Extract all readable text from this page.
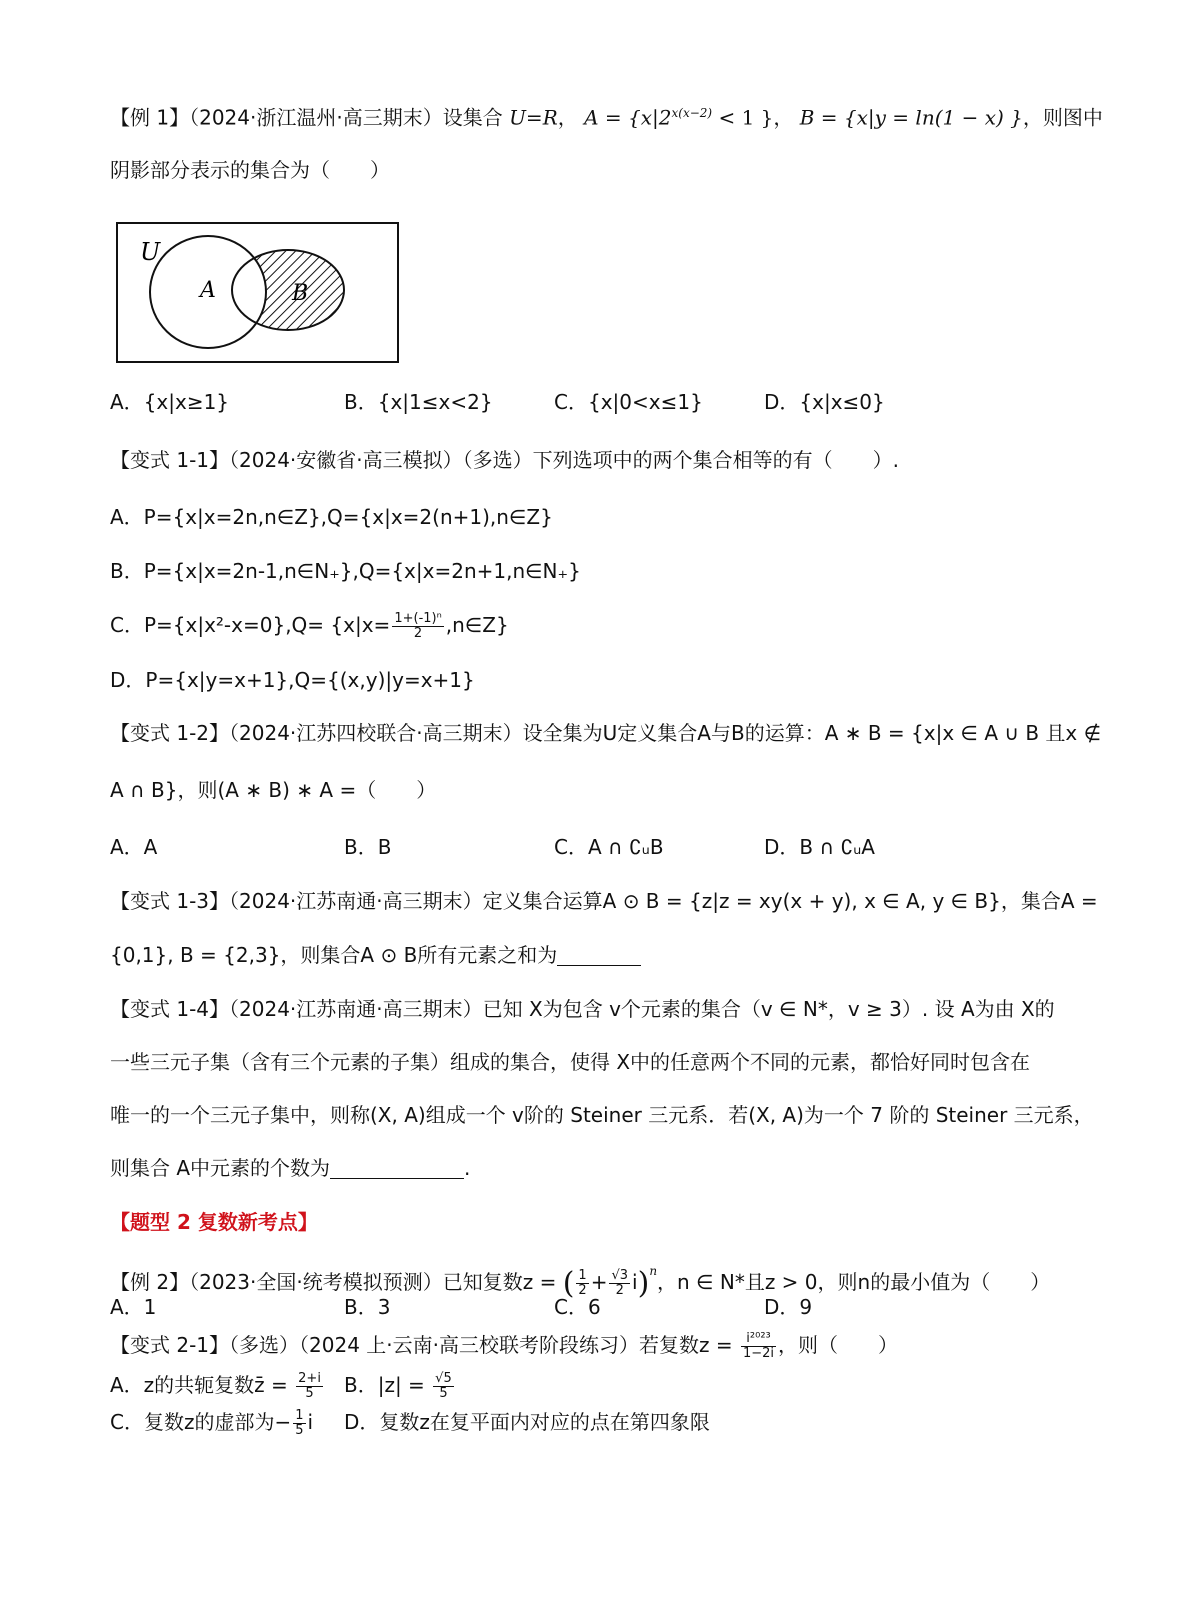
【例 1】（2024·浙江温州·高三期末）设集合 U=R， $A = \{x|2^{x(x-2)} < 1$ }， B = {x|y = ln(1 − x) }，则图中
阴影部分表示的集合为（　　）
U
A	B
A．{x|x≥1}	B．{x|1≤x<2}	C．{x|0<x≤1}	D．{x|x≤0}
【变式 1-1】（2024·安徽省·高三模拟）（多选）下列选项中的两个集合相等的有（　　）.
A．P={x|x=2n,n∈Z},Q={x|x=2(n+1),n∈Z}
B．P={x|x=2n-1,n∈N₊},Q={x|x=2n+1,n∈N₊}
C．$P=\{x|x^2-x=0\},Q= \{x|x= \frac{\text{1+(-1)ⁿ}}{2}$ ,n∈Z}
D．P={x|y=x+1},Q={(x,y)|y=x+1}
【变式 1-2】（2024·江苏四校联合·高三期末）设全集为U定义集合A与B的运算：A ∗ B = {x|x ∈ A ∪ B 且x ∉
A ∩ B}，则(A ∗ B) ∗ A =（　　）
A．A	B．B	C．A ∩ ∁ᵤB	D．B ∩ ∁ᵤA
【变式 1-3】（2024·江苏南通·高三期末）定义集合运算A ⊙ B = {z|z = xy(x + y), x ∈ A, y ∈ B}，集合A =
{0,1}, B = {2,3}，则集合A ⊙ B所有元素之和为
【变式 1-4】（2024·江苏南通·高三期末）已知 X为包含 v个元素的集合（v ∈ N*，v ≥ 3）. 设 A为由 X的
一些三元子集（含有三个元素的子集）组成的集合，使得 X中的任意两个不同的元素，都恰好同时包含在
唯一的一个三元子集中，则称(X, A)组成一个 v阶的 Steiner 三元系．若(X, A)为一个 7 阶的 Steiner 三元系，
则集合 A中元素的个数为	.
【题型 2 复数新考点】
【例 2】（2023·全国·统考模拟预测）已知复数z = ( $\frac{1}{2} + \frac{√3}{2} i)^n$，n ∈ N*且z > 0，则n的最小值为（　　）
A．1	B．3	C．6	D．9
【变式 2-1】（多选）（2024 上·云南·高三校联考阶段练习）若复数$z = \frac{\text{i²⁰²³}}{1-2i}$ ，则（　　）
A．z的共轭复数z̄ = $\frac{2+i}{5}$ B．$|z| = \frac{√5}{5}$
C．复数z的虚部为− $\frac{1}{5}$ i D．复数z在复平面内对应的点在第四象限
